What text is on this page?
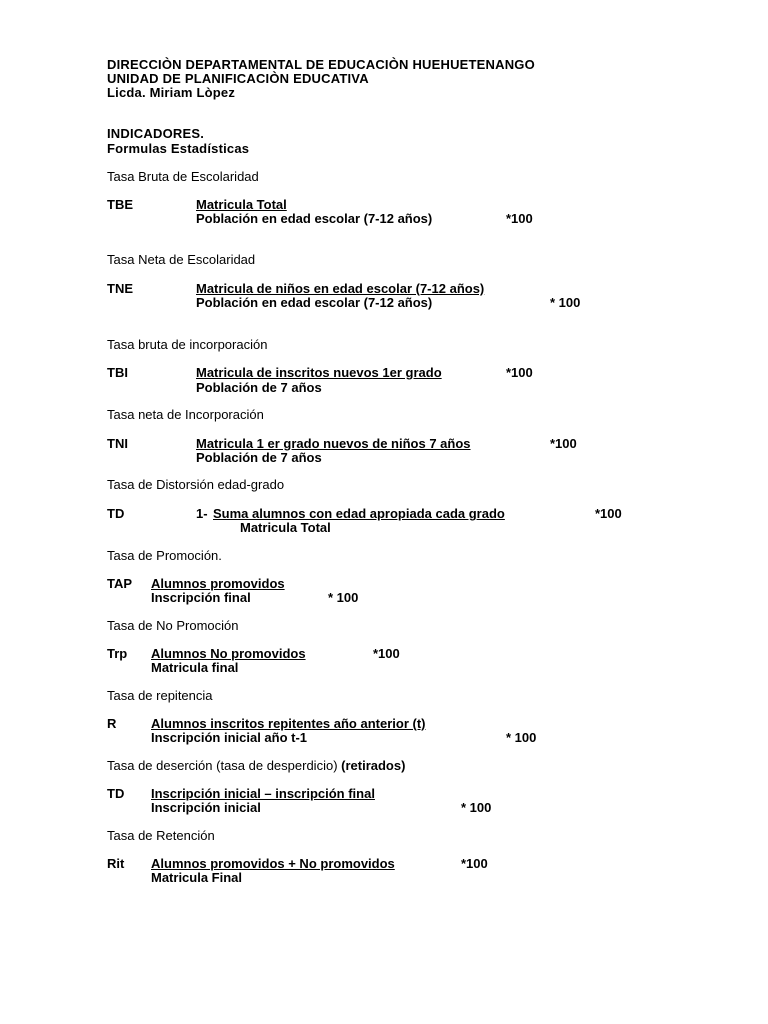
DIRECCIÒN DEPARTAMENTAL DE EDUCACIÒN HUEHUETENANGO
UNIDAD DE PLANIFICACIÒN EDUCATIVA
Licda. Miriam Lòpez
INDICADORES.
Formulas Estadísticas
Tasa Bruta de Escolaridad
TBE	Matricula Total
Población en edad escolar (7-12 años)	*100
Tasa Neta de Escolaridad
TNE	Matricula de niños en edad escolar (7-12 años)
Población en edad escolar (7-12 años)	* 100
Tasa bruta de incorporación
TBI	Matricula de inscritos nuevos 1er grado	*100
Población de 7 años
Tasa neta de Incorporación
TNI	Matricula 1 er grado nuevos de niños 7 años	*100
Población de 7 años
Tasa de Distorsión edad-grado
TD	1- Suma alumnos con edad apropiada cada grado	*100
Matricula Total
Tasa de Promoción.
TAP Alumnos promovidos
Inscripción final	* 100
Tasa de No Promoción
Trp Alumnos No promovidos	*100
Matricula final
Tasa de repitencia
R	Alumnos inscritos repitentes año anterior (t)
Inscripción inicial año t-1	* 100
Tasa de deserción (tasa de desperdicio) (retirados)
TD Inscripción inicial – inscripción final
Inscripción inicial	* 100
Tasa de Retención
Rit Alumnos promovidos + No promovidos	*100
Matricula Final
